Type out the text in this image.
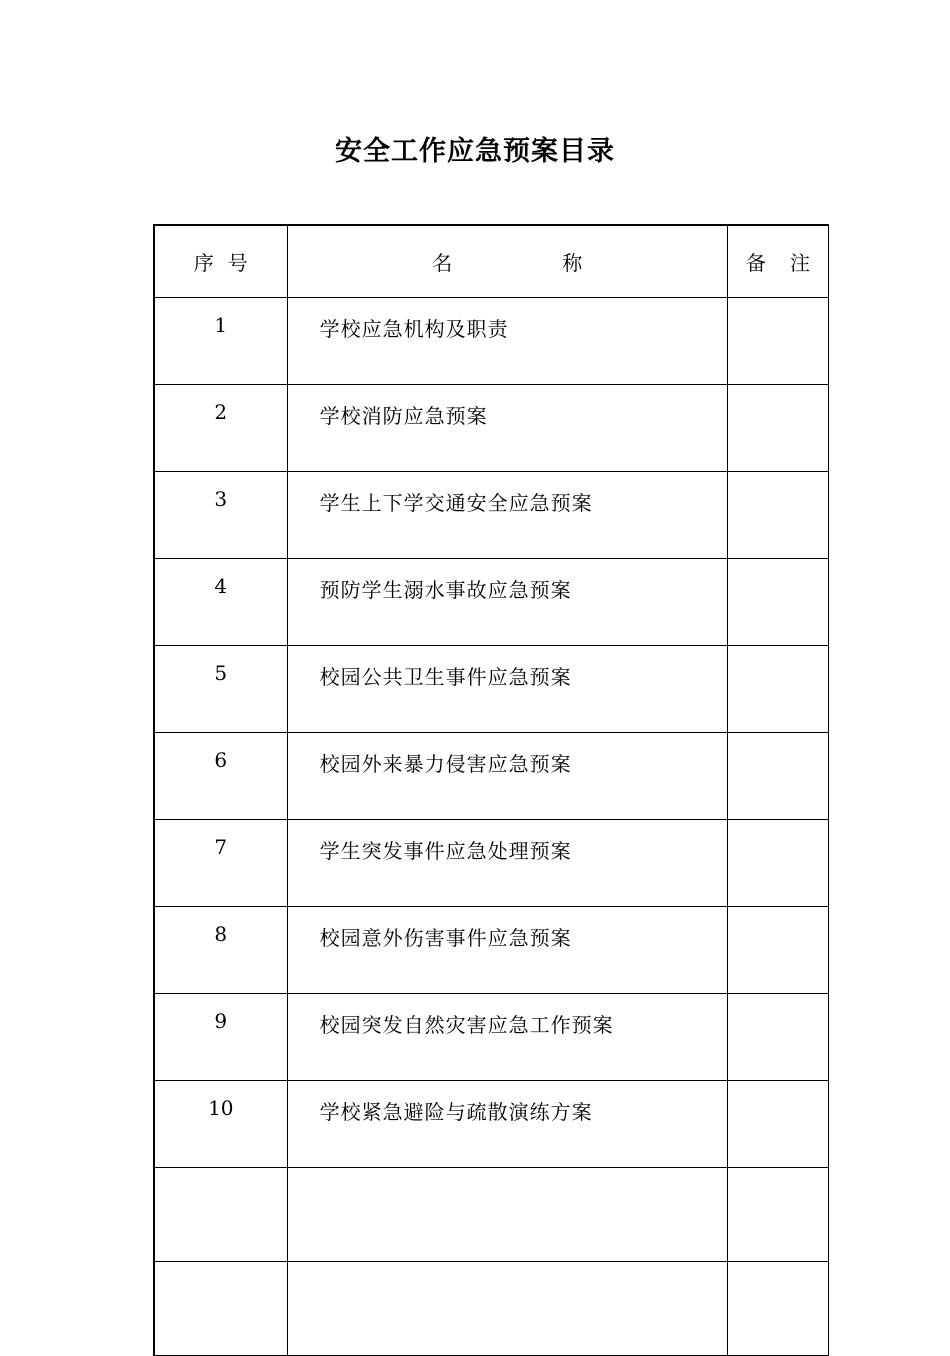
安全工作应急预案目录
序号	名 称	备 注
1	学校应急机构及职责	
2	学校消防应急预案	
3	学生上下学交通安全应急预案	
4	预防学生溺水事故应急预案	
5	校园公共卫生事件应急预案	
6	校园外来暴力侵害应急预案	
7	学生突发事件应急处理预案	
8	校园意外伤害事件应急预案	
9	校园突发自然灾害应急工作预案	
10	学校紧急避险与疏散演练方案	
